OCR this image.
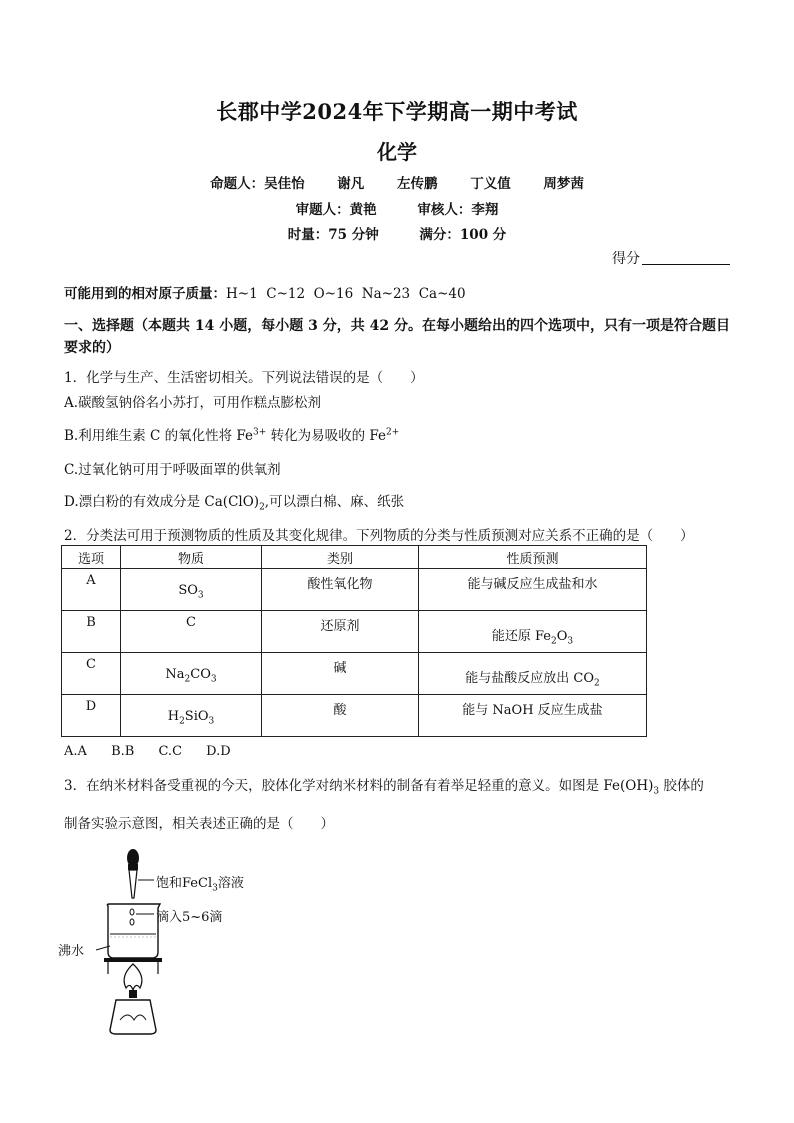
长郡中学2024年下学期高一期中考试
化学
命题人：吴佳怡 谢凡 左传鹏 丁义值 周梦茜
审题人：黄艳	审核人：李翔
时量：75 分钟	满分：100 分
得分
可能用到的相对原子质量：H~1  C~12  O~16  Na~23  Ca~40
一、选择题（本题共 14 小题，每小题 3 分，共 42 分。在每小题给出的四个选项中，只有一项是符合题目要求的）
1．化学与生产、生活密切相关。下列说法错误的是（　　）
A.碳酸氢钠俗名小苏打，可用作糕点膨松剂
B.利用维生素 C 的氧化性将 $Fe^{3+}$ 转化为易吸收的 $Fe^{2+}$
C.过氧化钠可用于呼吸面罩的供氧剂
D.漂白粉的有效成分是 $Ca(ClO)_2$,可以漂白棉、麻、纸张
2．分类法可用于预测物质的性质及其变化规律。下列物质的分类与性质预测对应关系不正确的是（　　）
选项	物质	类别	性质预测

A	$SO_3$	酸性氧化物	能与碱反应生成盐和水

B	C	还原剂	能还原 $Fe_2O_3$

C	$Na_2CO_3$	碱	能与盐酸反应放出 $CO_2$

D	$H_2SiO_3$	酸	能与 NaOH 反应生成盐
A.A B.B C.C D.D
3．在纳米材料备受重视的今天，胶体化学对纳米材料的制备有着举足轻重的意义。如图是 $Fe(OH)_3$ 胶体的
制备实验示意图，相关表述正确的是（　　）
饱和FeCl$_3$溶液
滴入5~6滴
沸水
